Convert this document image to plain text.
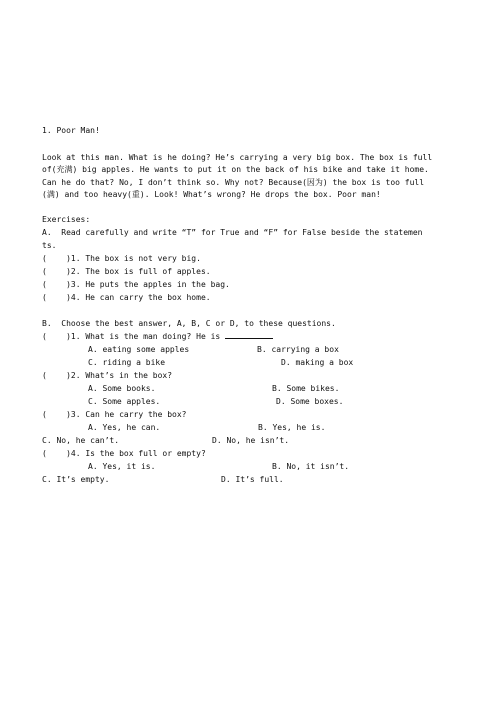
1. Poor Man!
Look at this man. What is he doing? He’s carrying a very big box. The box is full
of(充满) big apples. He wants to put it on the back of his bike and take it home.
Can he do that? No, I don’t think so. Why not? Because(因为) the box is too full
(满) and too heavy(重). Look! What’s wrong? He drops the box. Poor man!
Exercises:
A.  Read carefully and write “T” for True and “F” for False beside the statemen
ts.
(    )1. The box is not very big.
(    )2. The box is full of apples.
(    )3. He puts the apples in the bag.
(    )4. He can carry the box home.
B.  Choose the best answer, A, B, C or D, to these questions.
(    )1. What is the man doing? He is
A. eating some apples	B. carrying a box
C. riding a bike	D. making a box
(    )2. What’s in the box?
A. Some books.	B. Some bikes.
C. Some apples.	D. Some boxes.
(    )3. Can he carry the box?
A. Yes, he can.	B. Yes, he is.
C. No, he can’t.	D. No, he isn’t.
(    )4. Is the box full or empty?
A. Yes, it is.	B. No, it isn’t.
C. It’s empty.	D. It’s full.
